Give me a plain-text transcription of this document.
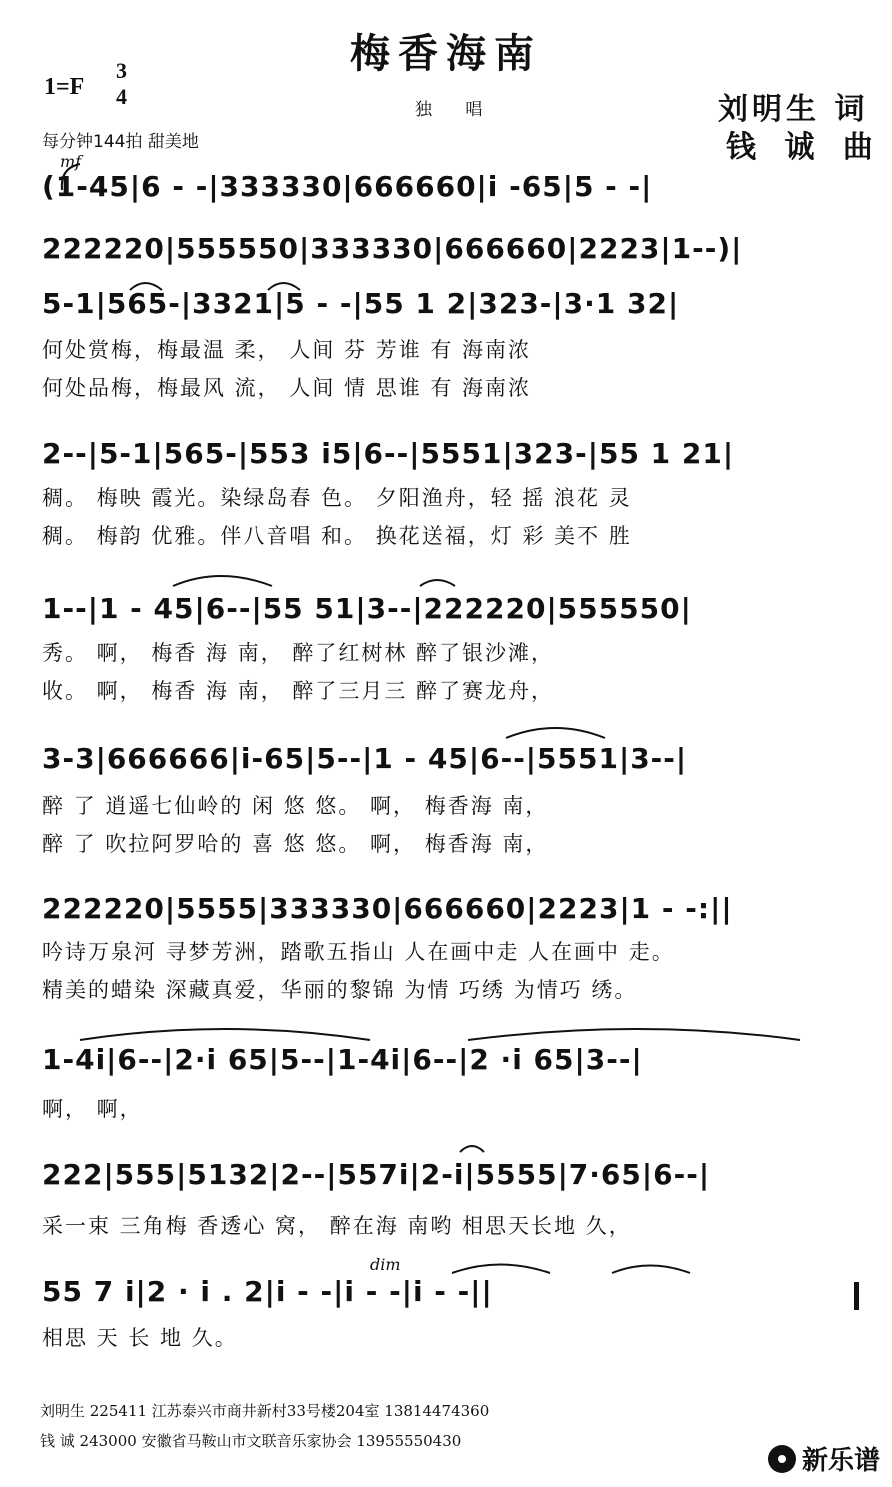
梅香海南
1=F
3
4
独 唱	刘明生 词
钱 诚 曲
每分钟144拍 甜美地
mf
dim
(1-45|6 - -|333330|666660|i -65|5 - -|
222220|555550|333330|666660|2223|1--)|
5-1|565-|3321|5 - -|55 1 2|323-|3·1 32|
何处赏梅，梅最温 柔， 人间 芬 芳谁 有 海南浓
何处品梅，梅最风 流， 人间 情 思谁 有 海南浓
2--|5-1|565-|553 i5|6--|5551|323-|55 1 21|
稠。 梅映 霞光。染绿岛春 色。 夕阳渔舟，轻 摇 浪花 灵
稠。 梅韵 优雅。伴八音唱 和。 换花送福，灯 彩 美不 胜
1--|1 - 45|6--|55 51|3--|222220|555550|
秀。 啊， 梅香 海 南， 醉了红树林 醉了银沙滩，
收。 啊， 梅香 海 南， 醉了三月三 醉了赛龙舟，
3-3|666666|i-65|5--|1 - 45|6--|5551|3--|
醉 了 逍遥七仙岭的 闲 悠 悠。 啊， 梅香海 南，
醉 了 吹拉阿罗哈的 喜 悠 悠。 啊， 梅香海 南，
222220|5555|333330|666660|2223|1 - -:||
吟诗万泉河 寻梦芳洲，踏歌五指山 人在画中走 人在画中 走。
精美的蜡染 深藏真爱，华丽的黎锦 为情 巧绣 为情巧 绣。
1-4i|6--|2·i 65|5--|1-4i|6--|2 ·i 65|3--|
啊， 啊，
222|555|5132|2--|557i|2-i|5555|7·65|6--|
采一束 三角梅 香透心 窝， 醉在海 南哟 相思天长地 久，
55 7 i|2 · i . 2|i - -|i - -|i - -||
相思 天 长 地 久。
刘明生 225411 江苏泰兴市商井新村33号楼204室 13814474360
钱 诚 243000 安徽省马鞍山市文联音乐家协会 13955550430
新乐谱
